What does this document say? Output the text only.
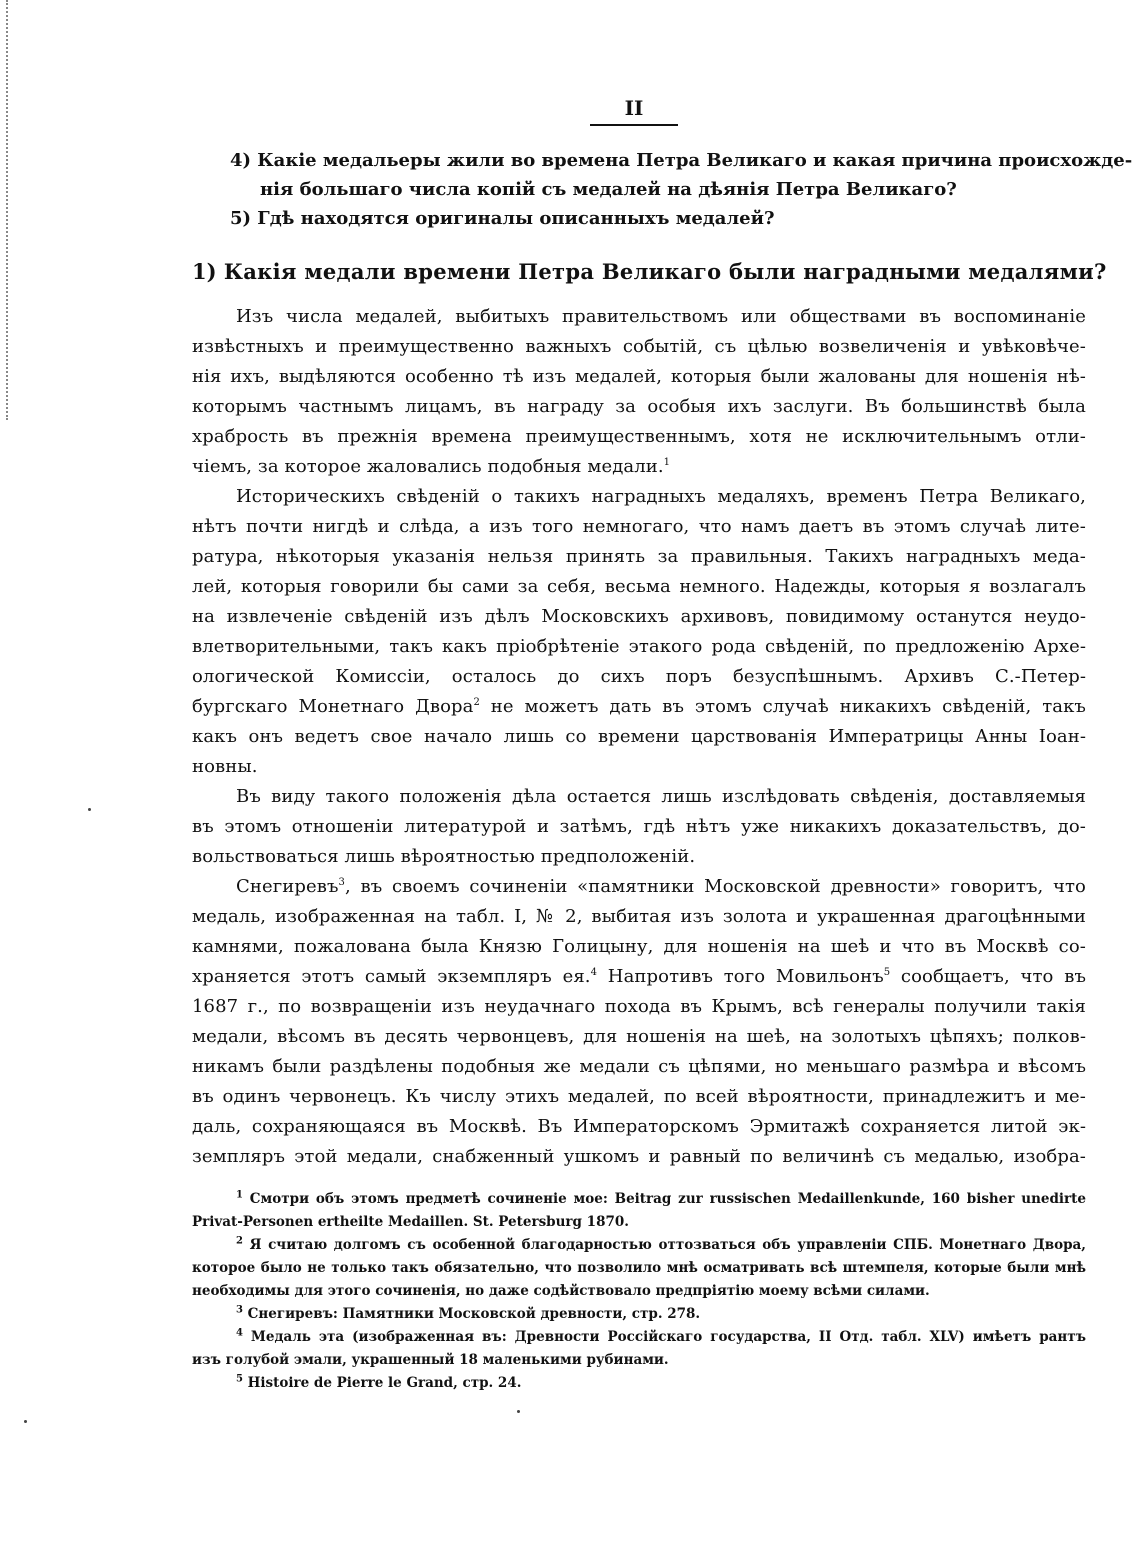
II
4) Какіе медальеры жили во времена Петра Великаго и какая причина происхожде-
нія большаго числа копій съ медалей на дѣянія Петра Великаго?
5) Гдѣ находятся оригиналы описанныхъ медалей?
1) Какія медали времени Петра Великаго были наградными медалями?
Изъ числа медалей, выбитыхъ правительствомъ или обществами въ воспоминаніе
извѣстныхъ и преимущественно важныхъ событій, съ цѣлью возвеличенія и увѣковѣче-
нія ихъ, выдѣляются особенно тѣ изъ медалей, которыя были жалованы для ношенія нѣ-
которымъ частнымъ лицамъ, въ награду за особыя ихъ заслуги. Въ большинствѣ была
храбрость въ прежнія времена преимущественнымъ, хотя не исключительнымъ отли-
чіемъ, за которое жаловались подобныя медали.$^1$
Историческихъ свѣденій о такихъ наградныхъ медаляхъ, временъ Петра Великаго,
нѣтъ почти нигдѣ и слѣда, а изъ того немногаго, что намъ даетъ въ этомъ случаѣ лите-
ратура, нѣкоторыя указанія нельзя принять за правильныя. Такихъ наградныхъ меда-
лей, которыя говорили бы сами за себя, весьма немного. Надежды, которыя я возлагалъ
на извлеченіе свѣденій изъ дѣлъ Московскихъ архивовъ, повидимому останутся неудо-
влетворительными, такъ какъ пріобрѣтеніе этакого рода свѣденій, по предложенію Архе-
ологической Комиссіи, осталось до сихъ поръ безуспѣшнымъ. Архивъ С.-Петер-
бургскаго Монетнаго Двора$^2$ не можетъ дать въ этомъ случаѣ никакихъ свѣденій, такъ
какъ онъ ведетъ свое начало лишь со времени царствованія Императрицы Анны Іоан-
новны.
Въ виду такого положенія дѣла остается лишь изслѣдовать свѣденія, доставляемыя
въ этомъ отношеніи литературой и затѣмъ, гдѣ нѣтъ уже никакихъ доказательствъ, до-
вольствоваться лишь вѣроятностью предположеній.
Снегиревъ$^3$, въ своемъ сочиненіи «памятники Московской древности» говоритъ, что
медаль, изображенная на табл. I, № 2, выбитая изъ золота и украшенная драгоцѣнными
камнями, пожалована была Князю Голицыну, для ношенія на шеѣ и что въ Москвѣ со-
храняется этотъ самый экземпляръ ея.$^4$ Напротивъ того Мовильонъ$^5$ сообщаетъ, что въ
1687 г., по возвращеніи изъ неудачнаго похода въ Крымъ, всѣ генералы получили такія
медали, вѣсомъ въ десять червонцевъ, для ношенія на шеѣ, на золотыхъ цѣпяхъ; полков-
никамъ были раздѣлены подобныя же медали съ цѣпями, но меньшаго размѣра и вѣсомъ
въ одинъ червонецъ. Къ числу этихъ медалей, по всей вѣроятности, принадлежитъ и ме-
даль, сохраняющаяся въ Москвѣ. Въ Императорскомъ Эрмитажѣ сохраняется литой эк-
земпляръ этой медали, снабженный ушкомъ и равный по величинѣ съ медалью, изобра-
$^1$ Смотри объ этомъ предметѣ сочиненіе мое: Beitrag zur russischen Medaillenkunde, 160 bisher unedirte
Privat-Personen ertheilte Medaillen. St. Petersburg 1870.
$^2$ Я считаю долгомъ съ особенной благодарностью оттозваться объ управленіи СПБ. Монетнаго Двора,
которое было не только такъ обязательно, что позволило мнѣ осматривать всѣ штемпеля, которые были мнѣ
необходимы для этого сочиненія, но даже содѣйствовало предпріятію моему всѣми силами.
$^3$ Снегиревъ: Памятники Московской древности, стр. 278.
$^4$ Медаль эта (изображенная въ: Древности Россійскаго государства, II Отд. табл. XLV) имѣетъ рантъ
изъ голубой эмали, украшенный 18 маленькими рубинами.
$^5$ Histoire de Pierre le Grand, стр. 24.
